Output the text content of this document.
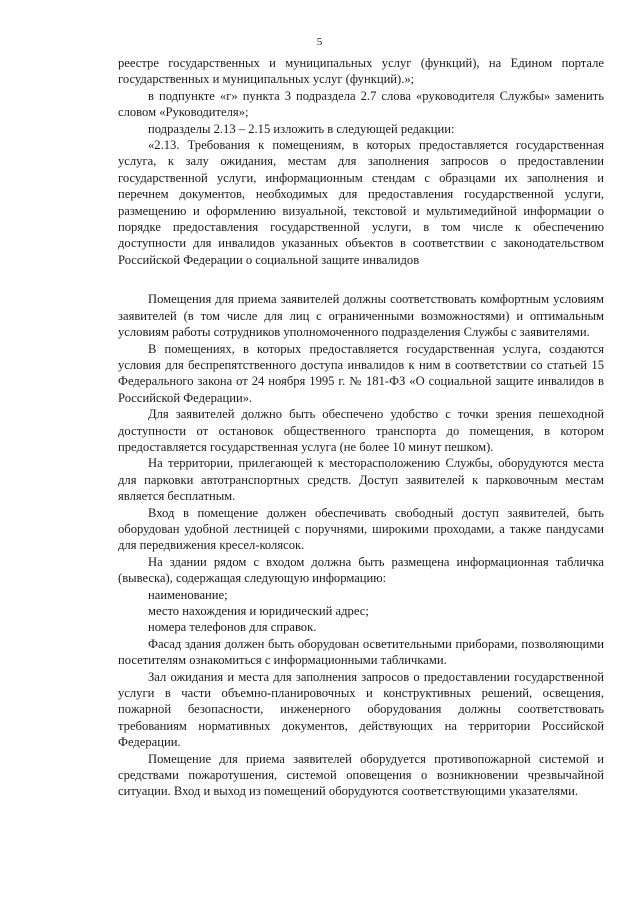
5

реестре государственных и муниципальных услуг (функций), на Едином портале государственных и муниципальных услуг (функций).»;

в подпункте «г» пункта 3 подраздела 2.7 слова «руководителя Службы» заменить словом «Руководителя»;

подразделы 2.13 – 2.15 изложить в следующей редакции:

«2.13. Требования к помещениям, в которых предоставляется государственная услуга, к залу ожидания, местам для заполнения запросов о предоставлении государственной услуги, информационным стендам с образцами их заполнения и перечнем документов, необходимых для предоставления государственной услуги, размещению и оформлению визуальной, текстовой и мультимедийной информации о порядке предоставления государственной услуги, в том числе к обеспечению доступности для инвалидов указанных объектов в соответствии с законодательством Российской Федерации о социальной защите инвалидов

Помещения для приема заявителей должны соответствовать комфортным условиям заявителей (в том числе для лиц с ограниченными возможностями) и оптимальным условиям работы сотрудников уполномоченного подразделения Службы с заявителями.

В помещениях, в которых предоставляется государственная услуга, создаются условия для беспрепятственного доступа инвалидов к ним в соответствии со статьей 15 Федерального закона от 24 ноября 1995 г. № 181-ФЗ «О социальной защите инвалидов в Российской Федерации».

Для заявителей должно быть обеспечено удобство с точки зрения пешеходной доступности от остановок общественного транспорта до помещения, в котором предоставляется государственная услуга (не более 10 минут пешком).

На территории, прилегающей к месторасположению Службы, оборудуются места для парковки автотранспортных средств. Доступ заявителей к парковочным местам является бесплатным.

Вход в помещение должен обеспечивать свободный доступ заявителей, быть оборудован удобной лестницей с поручнями, широкими проходами, а также пандусами для передвижения кресел-колясок.

На здании рядом с входом должна быть размещена информационная табличка (вывеска), содержащая следующую информацию:

наименование;

место нахождения и юридический адрес;

номера телефонов для справок.

Фасад здания должен быть оборудован осветительными приборами, позволяющими посетителям ознакомиться с информационными табличками.

Зал ожидания и места для заполнения запросов о предоставлении государственной услуги в части объемно-планировочных и конструктивных решений, освещения, пожарной безопасности, инженерного оборудования должны соответствовать требованиям нормативных документов, действующих на территории Российской Федерации.

Помещение для приема заявителей оборудуется противопожарной системой и средствами пожаротушения, системой оповещения о возникновении чрезвычайной ситуации. Вход и выход из помещений оборудуются соответствующими указателями.
